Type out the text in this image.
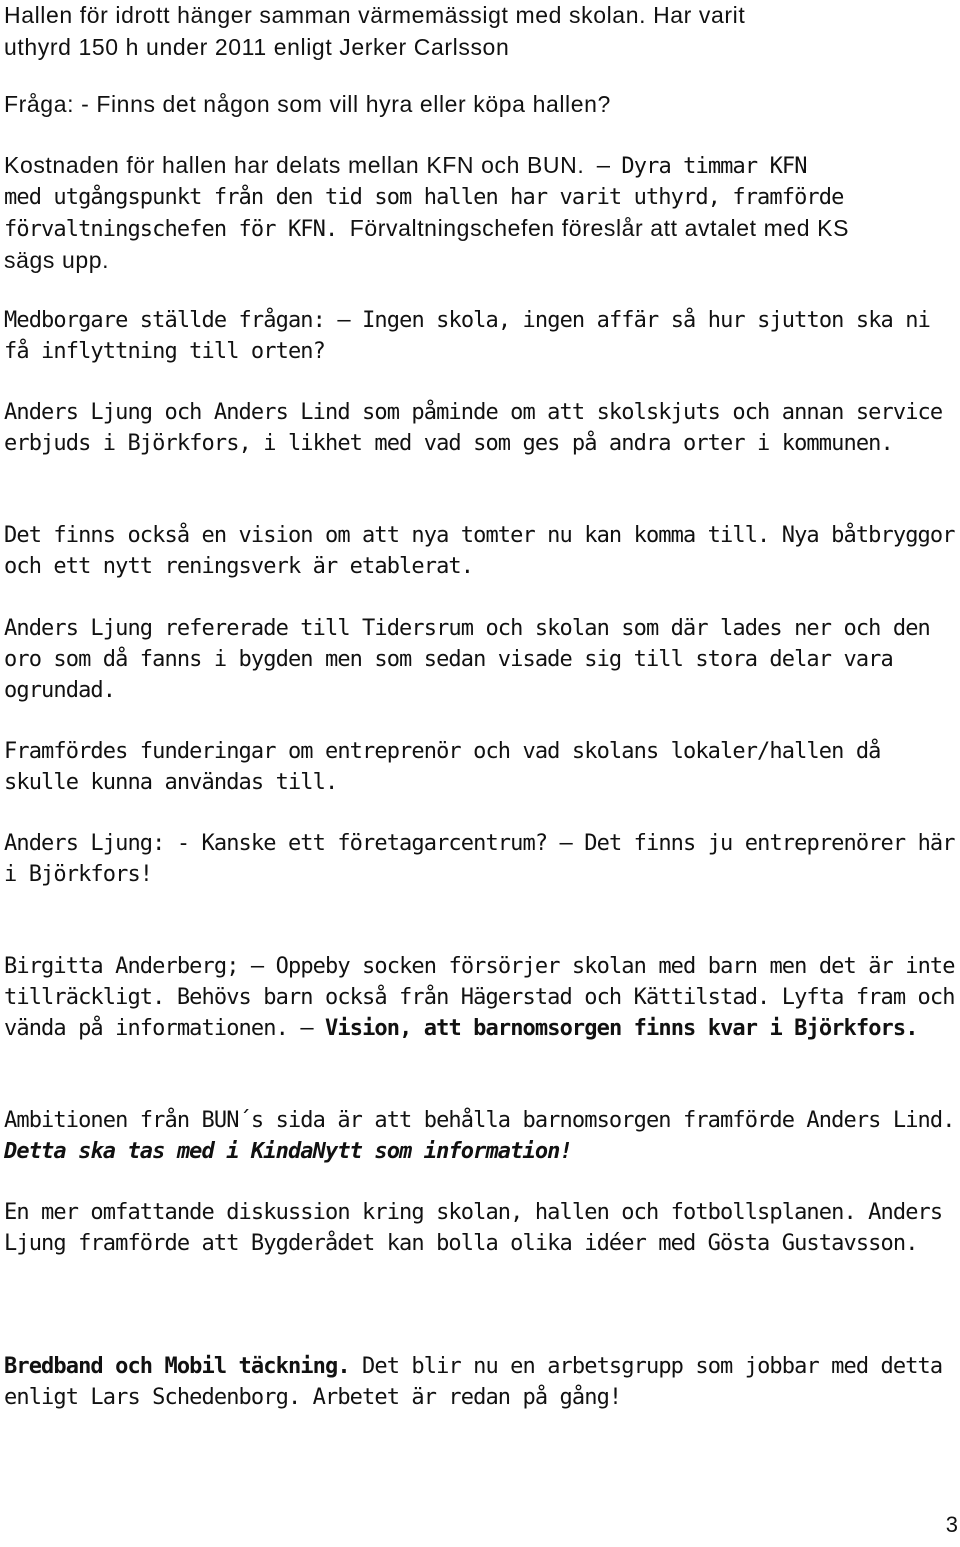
Hallen för idrott hänger samman värmemässigt med skolan. Har varit
uthyrd 150 h under 2011 enligt Jerker Carlsson

Fråga: - Finns det någon som vill hyra eller köpa hallen?

Kostnaden för hallen har delats mellan KFN och BUN. – Dyra timmar KFN
med utgångspunkt från den tid som hallen har varit uthyrd, framförde
förvaltningschefen för KFN. Förvaltningschefen föreslår att avtalet med KS
sägs upp.

Medborgare ställde frågan: – Ingen skola, ingen affär så hur sjutton ska ni
få inflyttning till orten?

Anders Ljung och Anders Lind som påminde om att skolskjuts och annan service erbjuds i Björkfors, i likhet med vad som ges på andra orter i kommunen.

Det finns också en vision om att nya tomter nu kan komma till. Nya båtbryggor och ett nytt reningsverk är etablerat.

Anders Ljung refererade till Tidersrum och skolan som där lades ner och den oro som då fanns i bygden men som sedan visade sig till stora delar vara ogrundad.

Framfördes funderingar om entreprenör och vad skolans lokaler/hallen då skulle kunna användas till.

Anders Ljung: - Kanske ett företagarcentrum? – Det finns ju entreprenörer här i Björkfors!

Birgitta Anderberg; – Oppeby socken försörjer skolan med barn men det är inte tillräckligt. Behövs barn också från Hägerstad och Kättilstad. Lyfta fram och vända på informationen. – Vision, att barnomsorgen finns kvar i Björkfors.

Ambitionen från BUN´s sida är att behålla barnomsorgen framförde Anders Lind. Detta ska tas med i KindaNytt som information!

En mer omfattande diskussion kring skolan, hallen och fotbollsplanen. Anders Ljung framförde att Bygderådet kan bolla olika idéer med Gösta Gustavsson.

Bredband och Mobil täckning. Det blir nu en arbetsgrupp som jobbar med detta enligt Lars Schedenborg. Arbetet är redan på gång!

3
